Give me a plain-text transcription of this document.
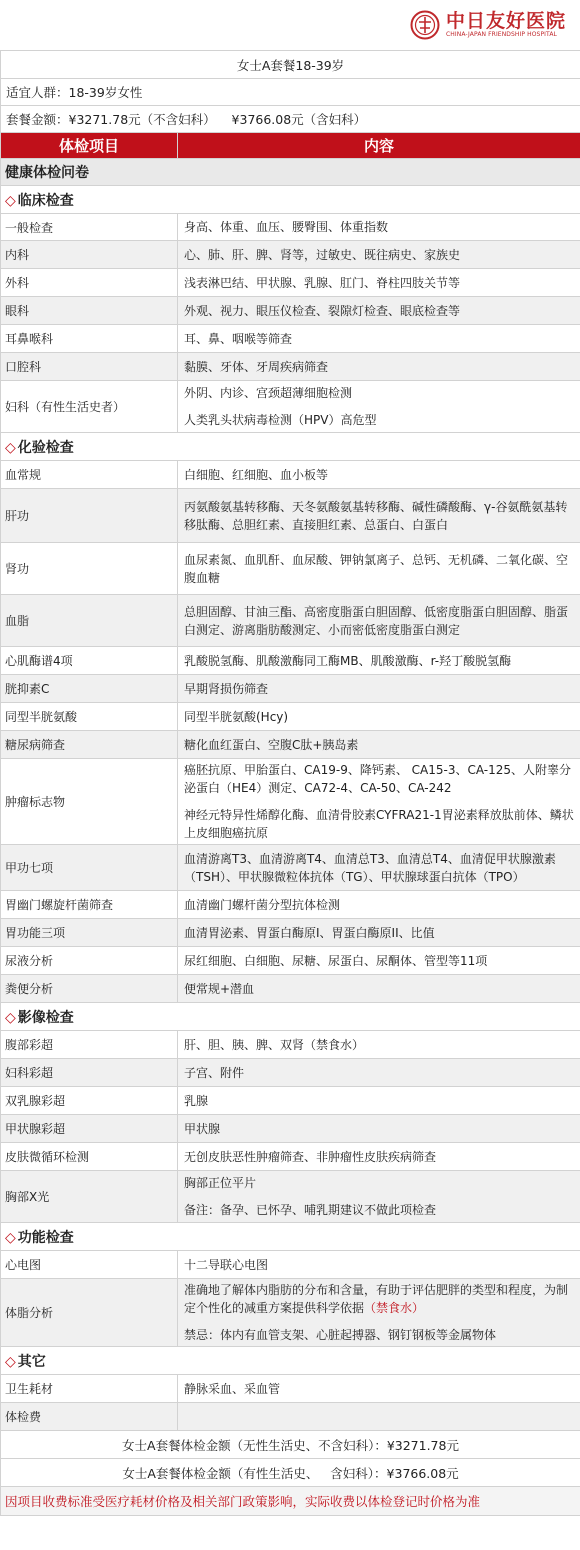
中日友好医院
CHINA-JAPAN FRIENDSHIP HOSPITAL
女士A套餐18-39岁	
适宜人群：18-39岁女性	
套餐金额：¥3271.78元（不含妇科）    ¥3766.08元（含妇科）	
体检项目	内容
健康体检问卷	
◇ 临床检查	
一般检查	身高、体重、血压、腰臀围、体重指数

内科	心、肺、肝、脾、肾等，过敏史、既往病史、家族史

外科	浅表淋巴结、甲状腺、乳腺、肛门、脊柱四肢关节等

眼科	外观、视力、眼压仪检查、裂隙灯检查、眼底检查等

耳鼻喉科	耳、鼻、咽喉等筛查

口腔科	黏膜、牙体、牙周疾病筛查

妇科（有性生活史者）	外阴、内诊、宫颈超薄细胞检测
人类乳头状病毒检测（HPV）高危型

◇ 化验检查	
血常规	白细胞、红细胞、血小板等

肝功	丙氨酸氨基转移酶、天冬氨酸氨基转移酶、碱性磷酸酶、γ-谷氨酰氨基转移肽酶、总胆红素、直接胆红素、总蛋白、白蛋白

肾功	血尿素氮、血肌酐、血尿酸、钾钠氯离子、总钙、无机磷、二氧化碳、空腹血糖

血脂	总胆固醇、甘油三酯、高密度脂蛋白胆固醇、低密度脂蛋白胆固醇、脂蛋白测定、游离脂肪酸测定、小而密低密度脂蛋白测定

心肌酶谱4项	乳酸脱氢酶、肌酸激酶同工酶MB、肌酸激酶、r-羟丁酸脱氢酶

胱抑素C	早期肾损伤筛查

同型半胱氨酸	同型半胱氨酸(Hcy)

糖尿病筛查	糖化血红蛋白、空腹C肽+胰岛素

肿瘤标志物	癌胚抗原、甲胎蛋白、CA19-9、降钙素、 CA15-3、CA-125、人附睾分泌蛋白（HE4）测定、CA72-4、CA-50、CA-242
神经元特异性烯醇化酶、血清骨胶素CYFRA21-1胃泌素释放肽前体、鳞状上皮细胞癌抗原

甲功七项	血清游离T3、血清游离T4、血清总T3、血清总T4、血清促甲状腺激素（TSH）、甲状腺微粒体抗体（TG）、甲状腺球蛋白抗体（TPO）

胃幽门螺旋杆菌筛查	血清幽门螺杆菌分型抗体检测

胃功能三项	血清胃泌素、胃蛋白酶原I、胃蛋白酶原II、比值

尿液分析	尿红细胞、白细胞、尿糖、尿蛋白、尿酮体、管型等11项

粪便分析	便常规+潜血

◇ 影像检查	
腹部彩超	肝、胆、胰、脾、双肾（禁食水）

妇科彩超	子宫、附件

双乳腺彩超	乳腺

甲状腺彩超	甲状腺

皮肤微循环检测	无创皮肤恶性肿瘤筛查、非肿瘤性皮肤疾病筛查

胸部X光	胸部正位平片
备注：备孕、已怀孕、哺乳期建议不做此项检查

◇ 功能检查	
心电图	十二导联心电图

体脂分析	准确地了解体内脂肪的分布和含量，有助于评估肥胖的类型和程度，为制定个性化的减重方案提供科学依据（禁食水）
禁忌：体内有血管支架、心脏起搏器、钢钉钢板等金属物体

◇ 其它	
卫生耗材	静脉采血、采血管

体检费	

女士A套餐体检金额（无性生活史、不含妇科）：¥3271.78元	
女士A套餐体检金额（有性生活史、   含妇科）：¥3766.08元	
因项目收费标准受医疗耗材价格及相关部门政策影响，实际收费以体检登记时价格为准	
